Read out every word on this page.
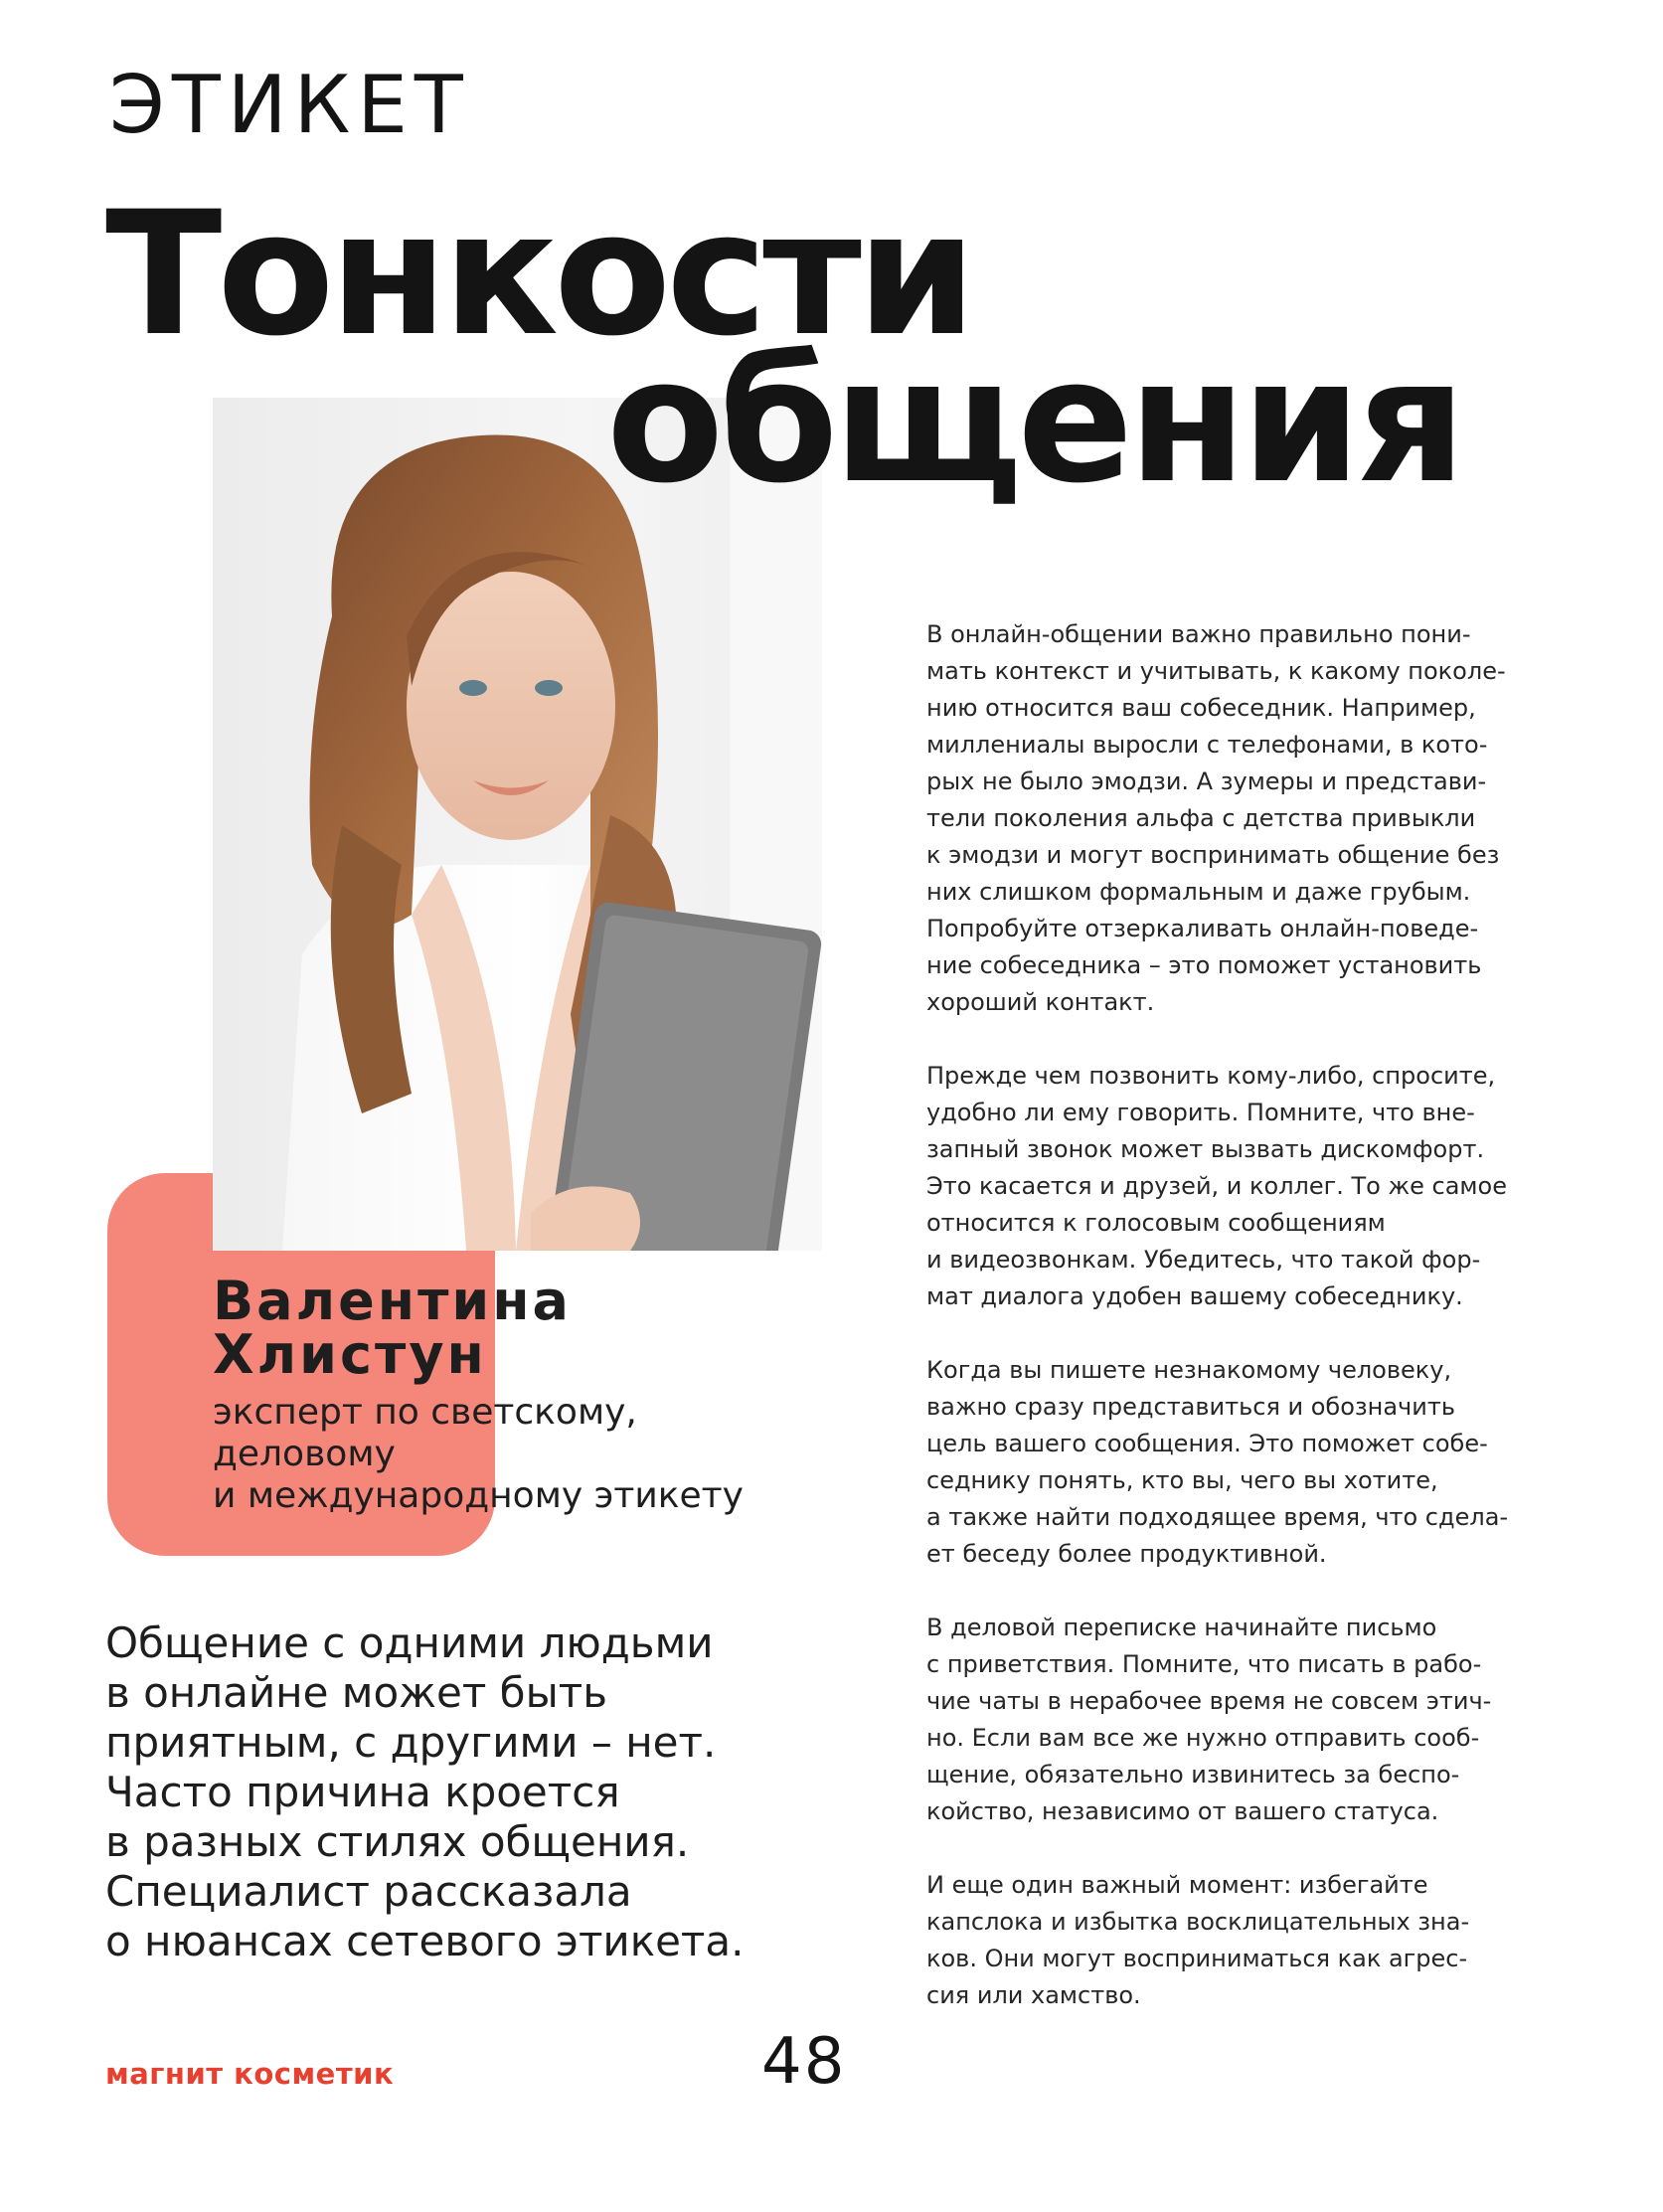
ЭТИКЕТ
Тонкости
общения
Валентина
Хлистун
эксперт по светскому,
деловому
и международному этикету
Общение с одними людьми
в онлайне может быть
приятным, с другими – нет.
Часто причина кроется
в разных стилях общения.
Специалист рассказала
о нюансах сетевого этикета.

В онлайн-общении важно правильно пони-
мать контекст и учитывать, к какому поколе-
нию относится ваш собеседник. Например,
миллениалы выросли с телефонами, в кото-
рых не было эмодзи. А зумеры и представи-
тели поколения альфа с детства привыкли
к эмодзи и могут воспринимать общение без
них слишком формальным и даже грубым.
Попробуйте отзеркаливать онлайн-поведе-
ние собеседника – это поможет установить
хороший контакт.

Прежде чем позвонить кому-либо, спросите,
удобно ли ему говорить. Помните, что вне-
запный звонок может вызвать дискомфорт.
Это касается и друзей, и коллег. То же самое
относится к голосовым сообщениям
и видеозвонкам. Убедитесь, что такой фор-
мат диалога удобен вашему собеседнику.

Когда вы пишете незнакомому человеку,
важно сразу представиться и обозначить
цель вашего сообщения. Это поможет собе-
седнику понять, кто вы, чего вы хотите,
а также найти подходящее время, что сдела-
ет беседу более продуктивной.

В деловой переписке начинайте письмо
с приветствия. Помните, что писать в рабо-
чие чаты в нерабочее время не совсем этич-
но. Если вам все же нужно отправить сооб-
щение, обязательно извинитесь за беспо-
койство, независимо от вашего статуса.

И еще один важный момент: избегайте
капслока и избытка восклицательных зна-
ков. Они могут восприниматься как агрес-
сия или хамство.

магнит косметик	48
